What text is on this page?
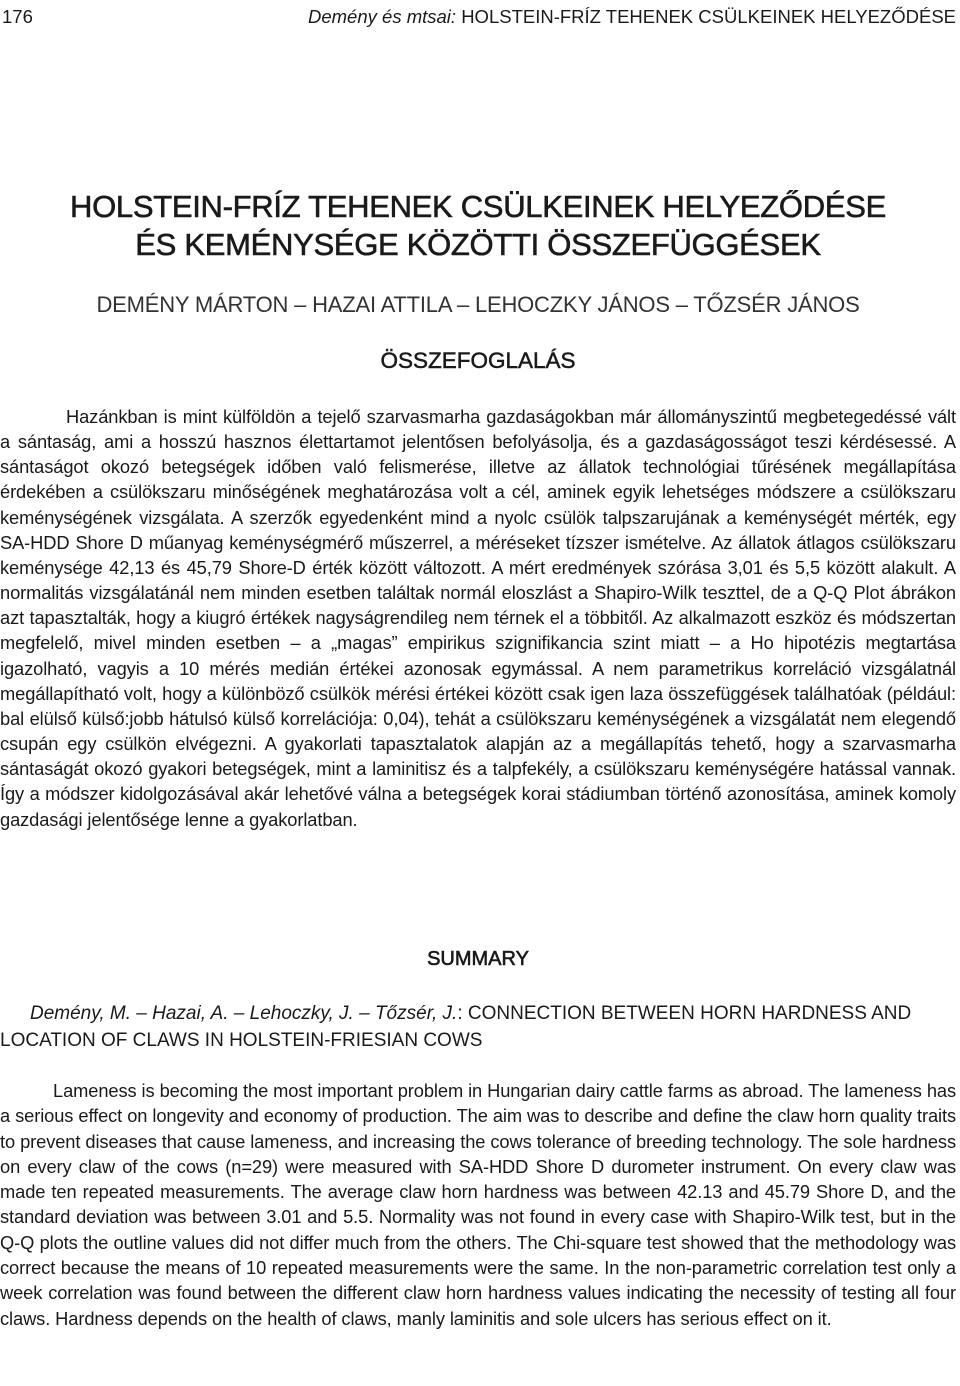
176	Demény és mtsai: HOLSTEIN-FRÍZ TEHENEK CSÜLKEINEK HELYEZŐDÉSE
HOLSTEIN-FRÍZ TEHENEK CSÜLKEINEK HELYEZŐDÉSE
ÉS KEMÉNYSÉGE KÖZÖTTI ÖSSZEFÜGGÉSEK
DEMÉNY MÁRTON – HAZAI ATTILA – LEHOCZKY JÁNOS – TŐZSÉR JÁNOS
ÖSSZEFOGLALÁS

Hazánkban is mint külföldön a tejelő szarvasmarha gazdaságokban már állományszintű megbetegedéssé vált a sántaság, ami a hosszú hasznos élettartamot jelentősen befolyásolja, és a gazdaságosságot teszi kérdésessé. A sántaságot okozó betegségek időben való felismerése, illetve az állatok technológiai tűrésének megállapítása érdekében a csülökszaru minőségének meghatározása volt a cél, aminek egyik lehetséges módszere a csülökszaru keménységének vizsgálata. A szerzők egyedenként mind a nyolc csülök talpszarujának a keménységét mérték, egy SA-HDD Shore D műanyag keménységmérő műszerrel, a méréseket tízszer ismételve. Az állatok átlagos csülökszaru keménysége 42,13 és 45,79 Shore-D érték között változott. A mért eredmények szórása 3,01 és 5,5 között alakult. A normalitás vizsgálatánál nem minden esetben találtak normál eloszlást a Shapiro-Wilk teszttel, de a Q-Q Plot ábrákon azt tapasztalták, hogy a kiugró értékek nagyságrendileg nem térnek el a többitől. Az alkalmazott eszköz és módszertan megfelelő, mivel minden esetben – a „magas” empirikus szignifikancia szint miatt – a Ho hipotézis megtartása igazolható, vagyis a 10 mérés medián értékei azonosak egymással. A nem parametrikus korreláció vizsgálatnál megállapítható volt, hogy a különböző csülkök mérési értékei között csak igen laza összefüggések találhatóak (például: bal elülső külső:jobb hátulsó külső korrelációja: 0,04), tehát a csülökszaru keménységének a vizsgálatát nem elegendő csupán egy csülkön elvégezni. A gyakorlati tapasztalatok alapján az a megállapítás tehető, hogy a szarvasmarha sántaságát okozó gyakori betegségek, mint a laminitisz és a talpfekély, a csülökszaru keménységére hatással vannak. Így a módszer kidolgozásával akár lehetővé válna a betegségek korai stádiumban történő azonosítása, aminek komoly gazdasági jelentősége lenne a gyakorlatban.

SUMMARY

Demény, M. – Hazai, A. – Lehoczky, J. – Tőzsér, J.: CONNECTION BETWEEN HORN HARDNESS AND LOCATION OF CLAWS IN HOLSTEIN-FRIESIAN COWS

Lameness is becoming the most important problem in Hungarian dairy cattle farms as abroad. The lameness has a serious effect on longevity and economy of production. The aim was to describe and define the claw horn quality traits to prevent diseases that cause lameness, and increasing the cows tolerance of breeding technology. The sole hardness on every claw of the cows (n=29) were measured with SA-HDD Shore D durometer instrument. On every claw was made ten repeated measurements. The average claw horn hardness was between 42.13 and 45.79 Shore D, and the standard deviation was between 3.01 and 5.5. Normality was not found in every case with Shapiro-Wilk test, but in the Q-Q plots the outline values did not differ much from the others. The Chi-square test showed that the methodology was correct because the means of 10 repeated measurements were the same. In the non-parametric correlation test only a week correlation was found between the different claw horn hardness values indicating the necessity of testing all four claws. Hardness depends on the health of claws, manly laminitis and sole ulcers has serious effect on it.
